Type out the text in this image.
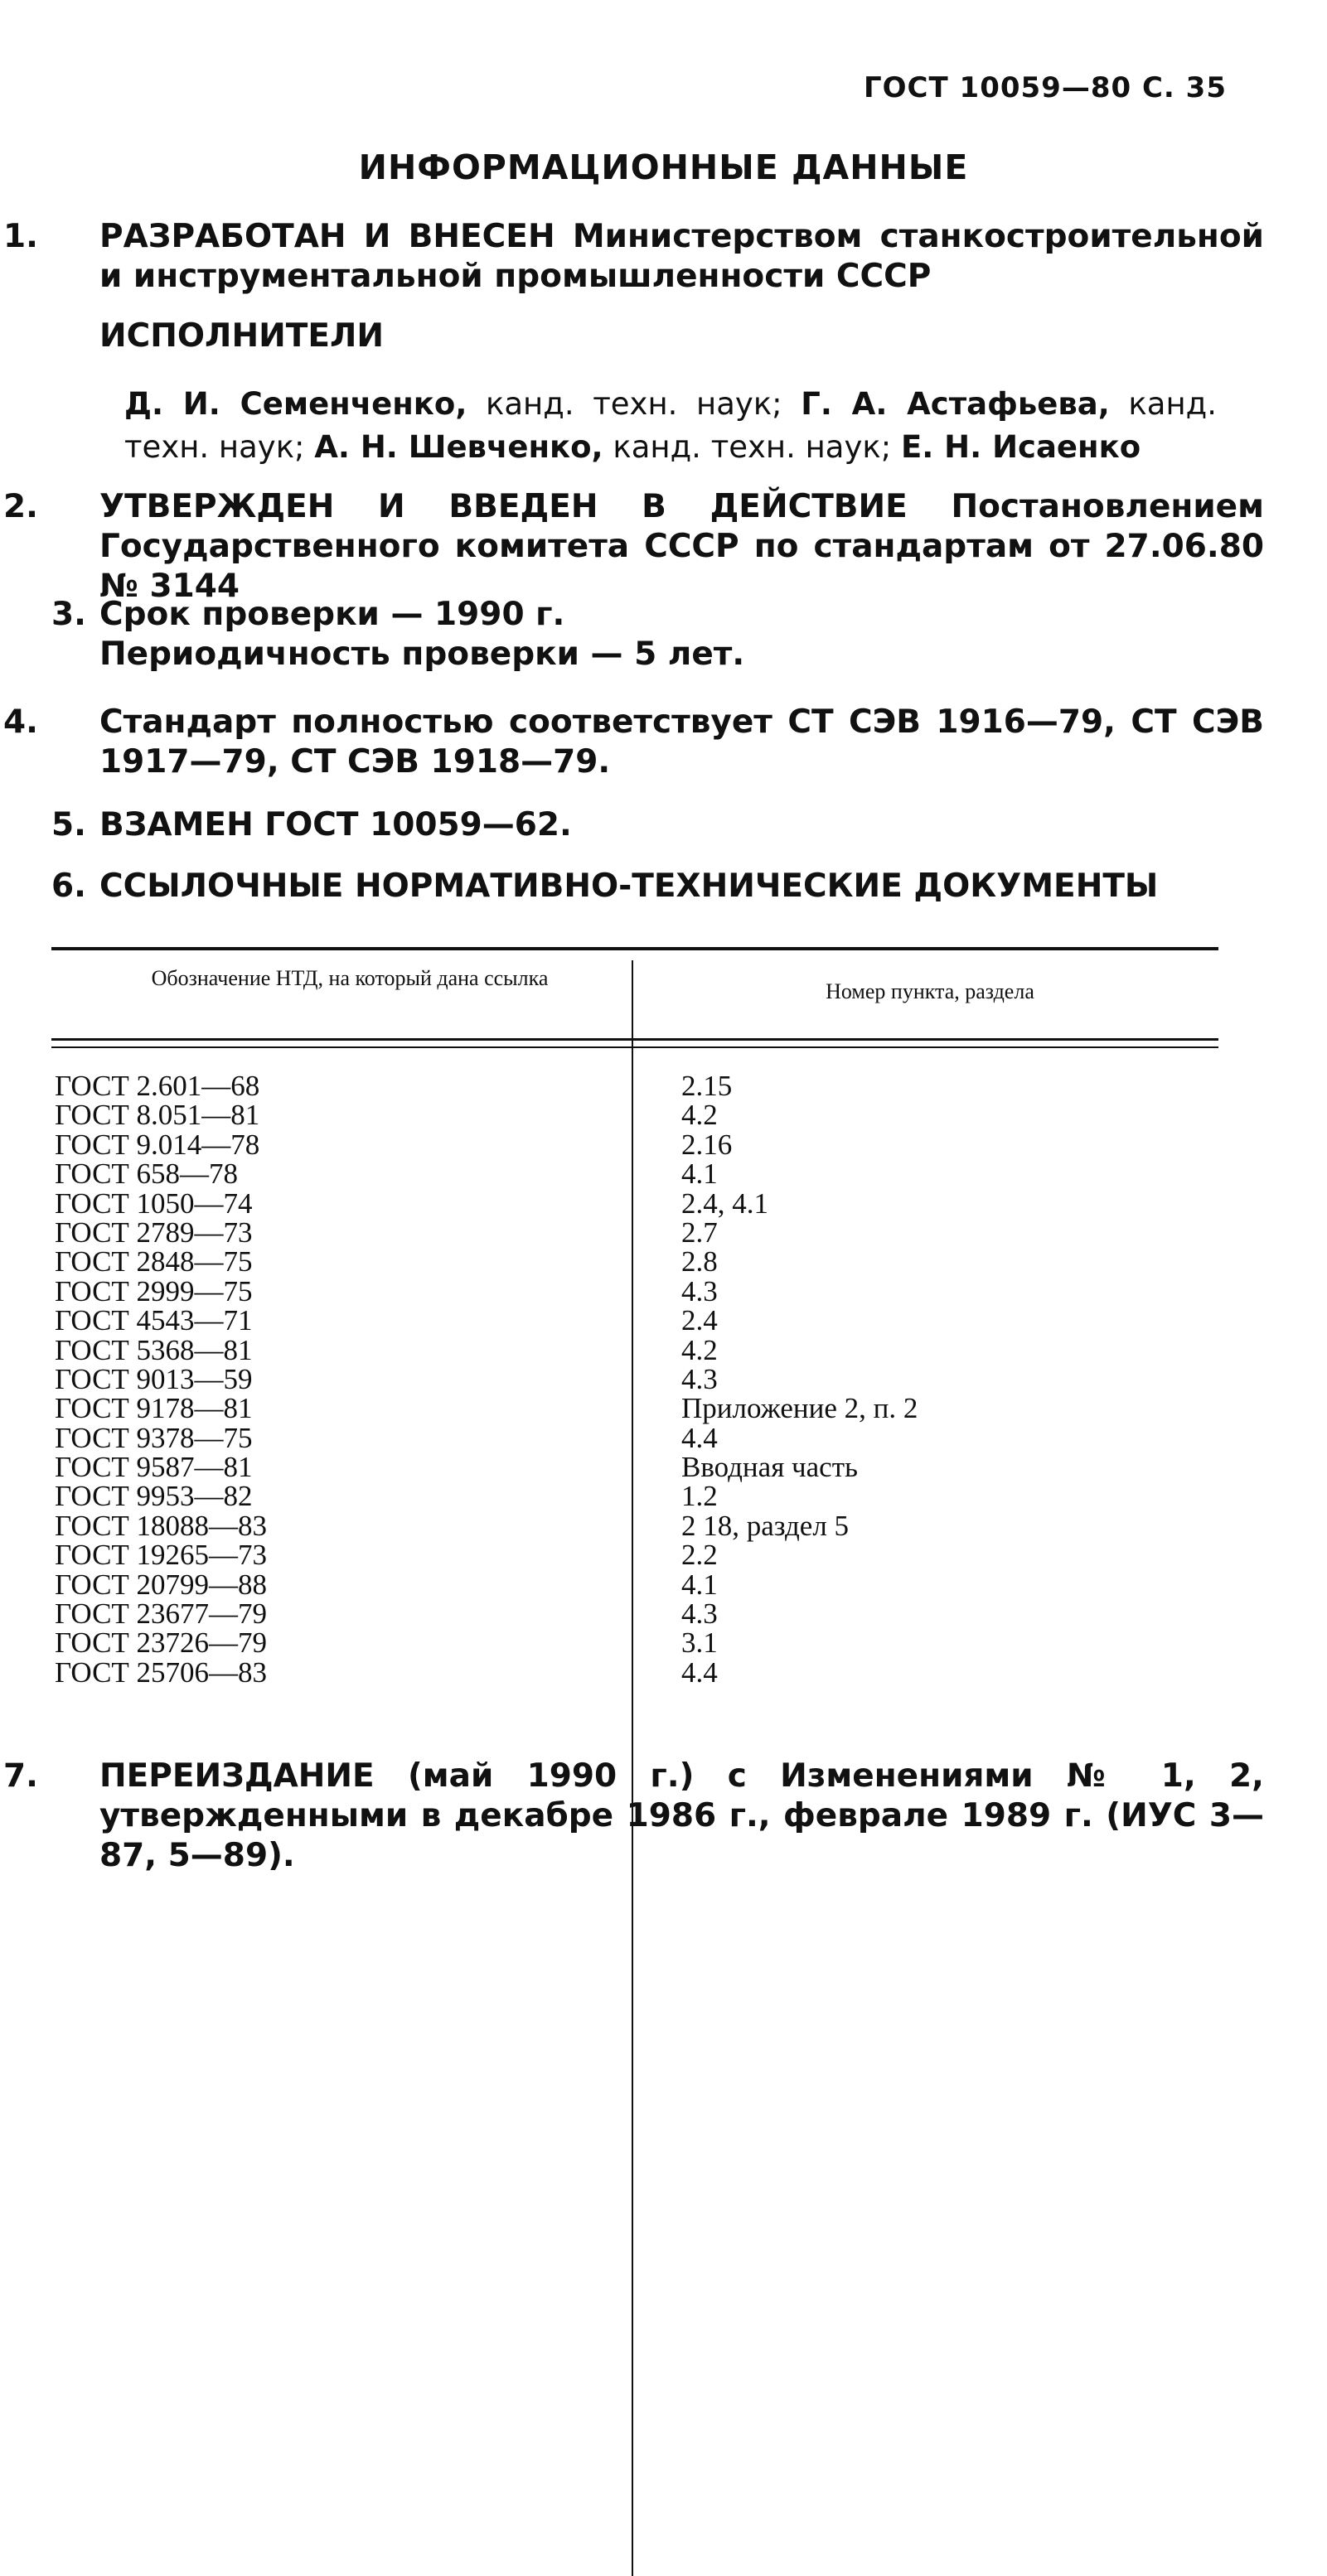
ГОСТ 10059—80 С. 35
ИНФОРМАЦИОННЫЕ ДАННЫЕ
1. РАЗРАБОТАН И ВНЕСЕН Министерством станкостроительной и инструментальной промышленности СССР
ИСПОЛНИТЕЛИ
Д. И. Семенченко, канд. техн. наук; Г. А. Астафьева, канд. техн. наук; А. Н. Шевченко, канд. техн. наук; Е. Н. Исаенко
2. УТВЕРЖДЕН И ВВЕДЕН В ДЕЙСТВИЕ Постановлением Государственного комитета СССР по стандартам от 27.06.80 № 3144
3. Срок проверки — 1990 г.
Периодичность проверки — 5 лет.
4. Стандарт полностью соответствует СТ СЭВ 1916—79, СТ СЭВ 1917—79, СТ СЭВ 1918—79.
5. ВЗАМЕН ГОСТ 10059—62.
6. ССЫЛОЧНЫЕ НОРМАТИВНО-ТЕХНИЧЕСКИЕ ДОКУМЕНТЫ
Обозначение НТД, на который дана ссылка
Номер пункта, раздела
ГОСТ 2.601—68	2.15
ГОСТ 8.051—81	4.2
ГОСТ 9.014—78	2.16
ГОСТ 658—78	4.1
ГОСТ 1050—74	2.4, 4.1
ГОСТ 2789—73	2.7
ГОСТ 2848—75	2.8
ГОСТ 2999—75	4.3
ГОСТ 4543—71	2.4
ГОСТ 5368—81	4.2
ГОСТ 9013—59	4.3
ГОСТ 9178—81	Приложение 2, п. 2
ГОСТ 9378—75	4.4
ГОСТ 9587—81	Вводная часть
ГОСТ 9953—82	1.2
ГОСТ 18088—83	2 18, раздел 5
ГОСТ 19265—73	2.2
ГОСТ 20799—88	4.1
ГОСТ 23677—79	4.3
ГОСТ 23726—79	3.1
ГОСТ 25706—83	4.4
7. ПЕРЕИЗДАНИЕ (май 1990 г.) с Изменениями № 1, 2, утвержденными в декабре 1986 г., феврале 1989 г. (ИУС 3—87, 5—89).
